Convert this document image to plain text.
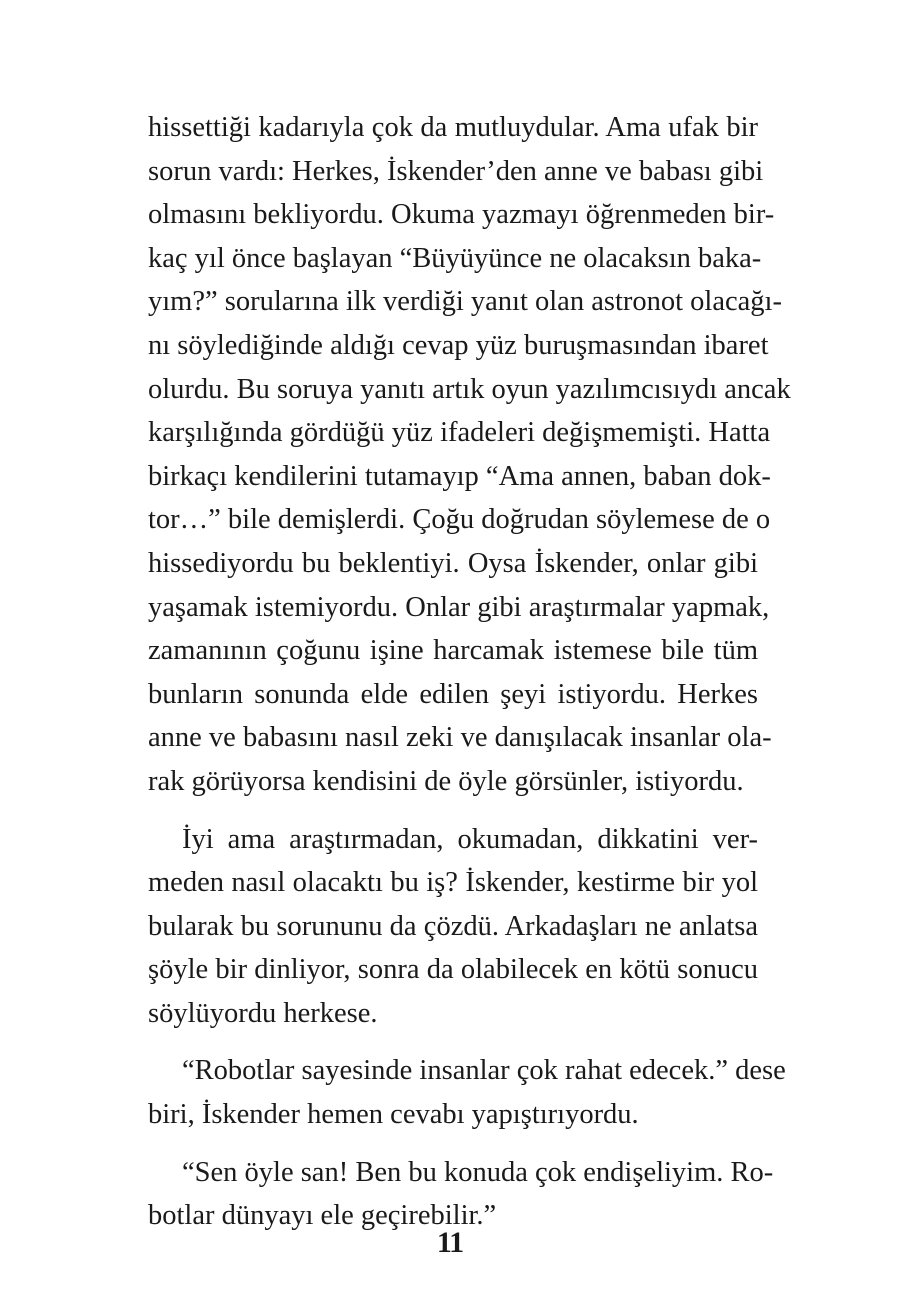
hissettiği kadarıyla çok da mutluydular. Ama ufak bir
sorun vardı: Herkes, İskender’den anne ve babası gibi
olmasını bekliyordu. Okuma yazmayı öğrenmeden bir-
kaç yıl önce başlayan “Büyüyünce ne olacaksın baka-
yım?” sorularına ilk verdiği yanıt olan astronot olacağı-
nı söylediğinde aldığı cevap yüz buruşmasından ibaret
olurdu. Bu soruya yanıtı artık oyun yazılımcısıydı ancak
karşılığında gördüğü yüz ifadeleri değişmemişti. Hatta
birkaçı kendilerini tutamayıp “Ama annen, baban dok-
tor…” bile demişlerdi. Çoğu doğrudan söylemese de o
hissediyordu bu beklentiyi. Oysa İskender, onlar gibi
yaşamak istemiyordu. Onlar gibi araştırmalar yapmak,
zamanının çoğunu işine harcamak istemese bile tüm
bunların sonunda elde edilen şeyi istiyordu. Herkes
anne ve babasını nasıl zeki ve danışılacak insanlar ola-
rak görüyorsa kendisini de öyle görsünler, istiyordu.
İyi ama araştırmadan, okumadan, dikkatini ver-
meden nasıl olacaktı bu iş? İskender, kestirme bir yol
bularak bu sorununu da çözdü. Arkadaşları ne anlatsa
şöyle bir dinliyor, sonra da olabilecek en kötü sonucu
söylüyordu herkese.
“Robotlar sayesinde insanlar çok rahat edecek.” dese
biri, İskender hemen cevabı yapıştırıyordu.
“Sen öyle san! Ben bu konuda çok endişeliyim. Ro-
botlar dünyayı ele geçirebilir.”
11
